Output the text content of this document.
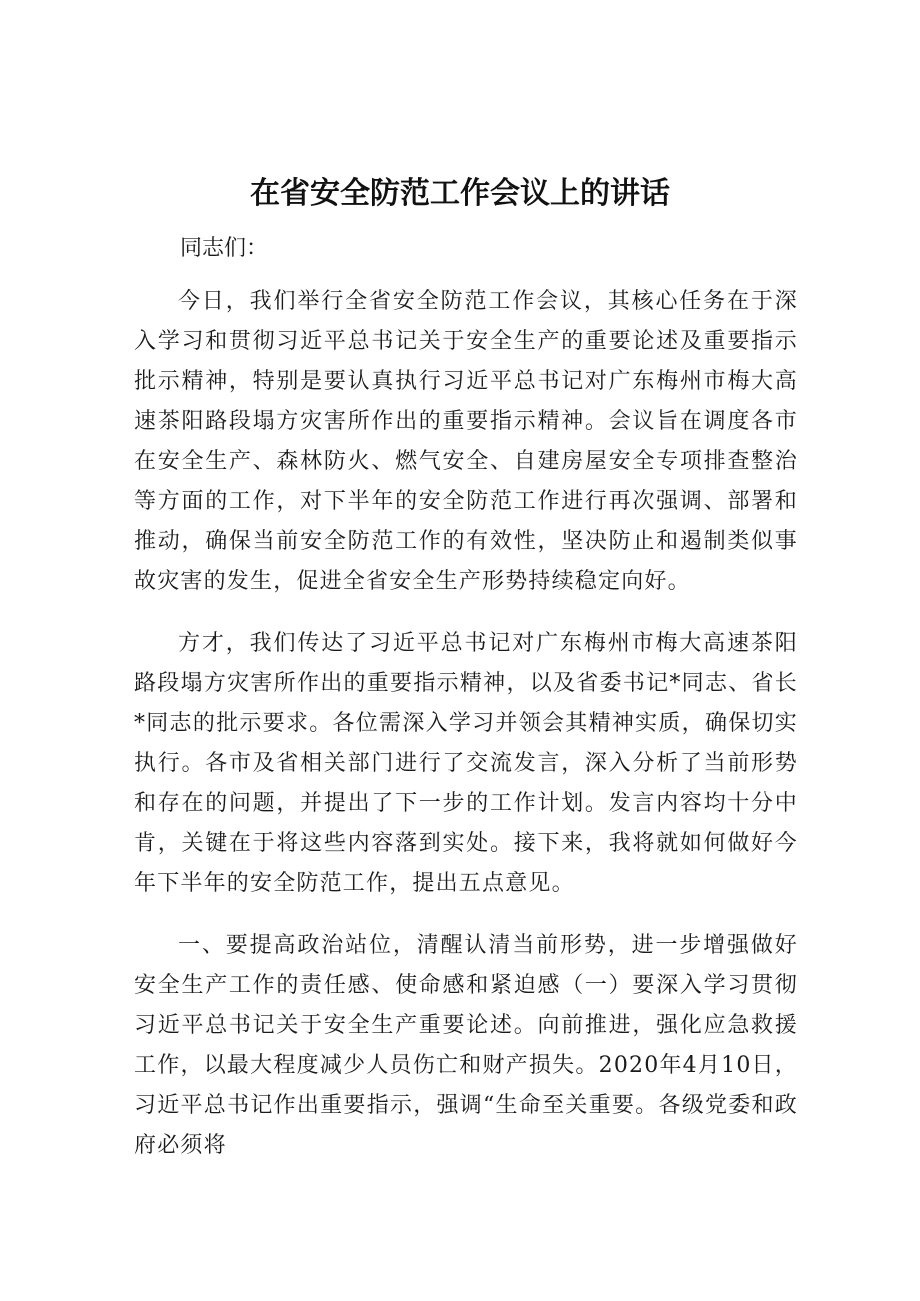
在省安全防范工作会议上的讲话
同志们：

今日，我们举行全省安全防范工作会议，其核心任务在于深入学习和贯彻习近平总书记关于安全生产的重要论述及重要指示批示精神，特别是要认真执行习近平总书记对广东梅州市梅大高速茶阳路段塌方灾害所作出的重要指示精神。会议旨在调度各市在安全生产、森林防火、燃气安全、自建房屋安全专项排查整治等方面的工作，对下半年的安全防范工作进行再次强调、部署和推动，确保当前安全防范工作的有效性，坚决防止和遏制类似事故灾害的发生，促进全省安全生产形势持续稳定向好。

方才，我们传达了习近平总书记对广东梅州市梅大高速茶阳路段塌方灾害所作出的重要指示精神，以及省委书记*同志、省长*同志的批示要求。各位需深入学习并领会其精神实质，确保切实执行。各市及省相关部门进行了交流发言，深入分析了当前形势和存在的问题，并提出了下一步的工作计划。发言内容均十分中肯，关键在于将这些内容落到实处。接下来，我将就如何做好今年下半年的安全防范工作，提出五点意见。

一、要提高政治站位，清醒认清当前形势，进一步增强做好安全生产工作的责任感、使命感和紧迫感（一）要深入学习贯彻习近平总书记关于安全生产重要论述。向前推进，强化应急救援工作，以最大程度减少人员伤亡和财产损失。2020年4月10日，习近平总书记作出重要指示，强调“生命至关重要。各级党委和政府必须将
